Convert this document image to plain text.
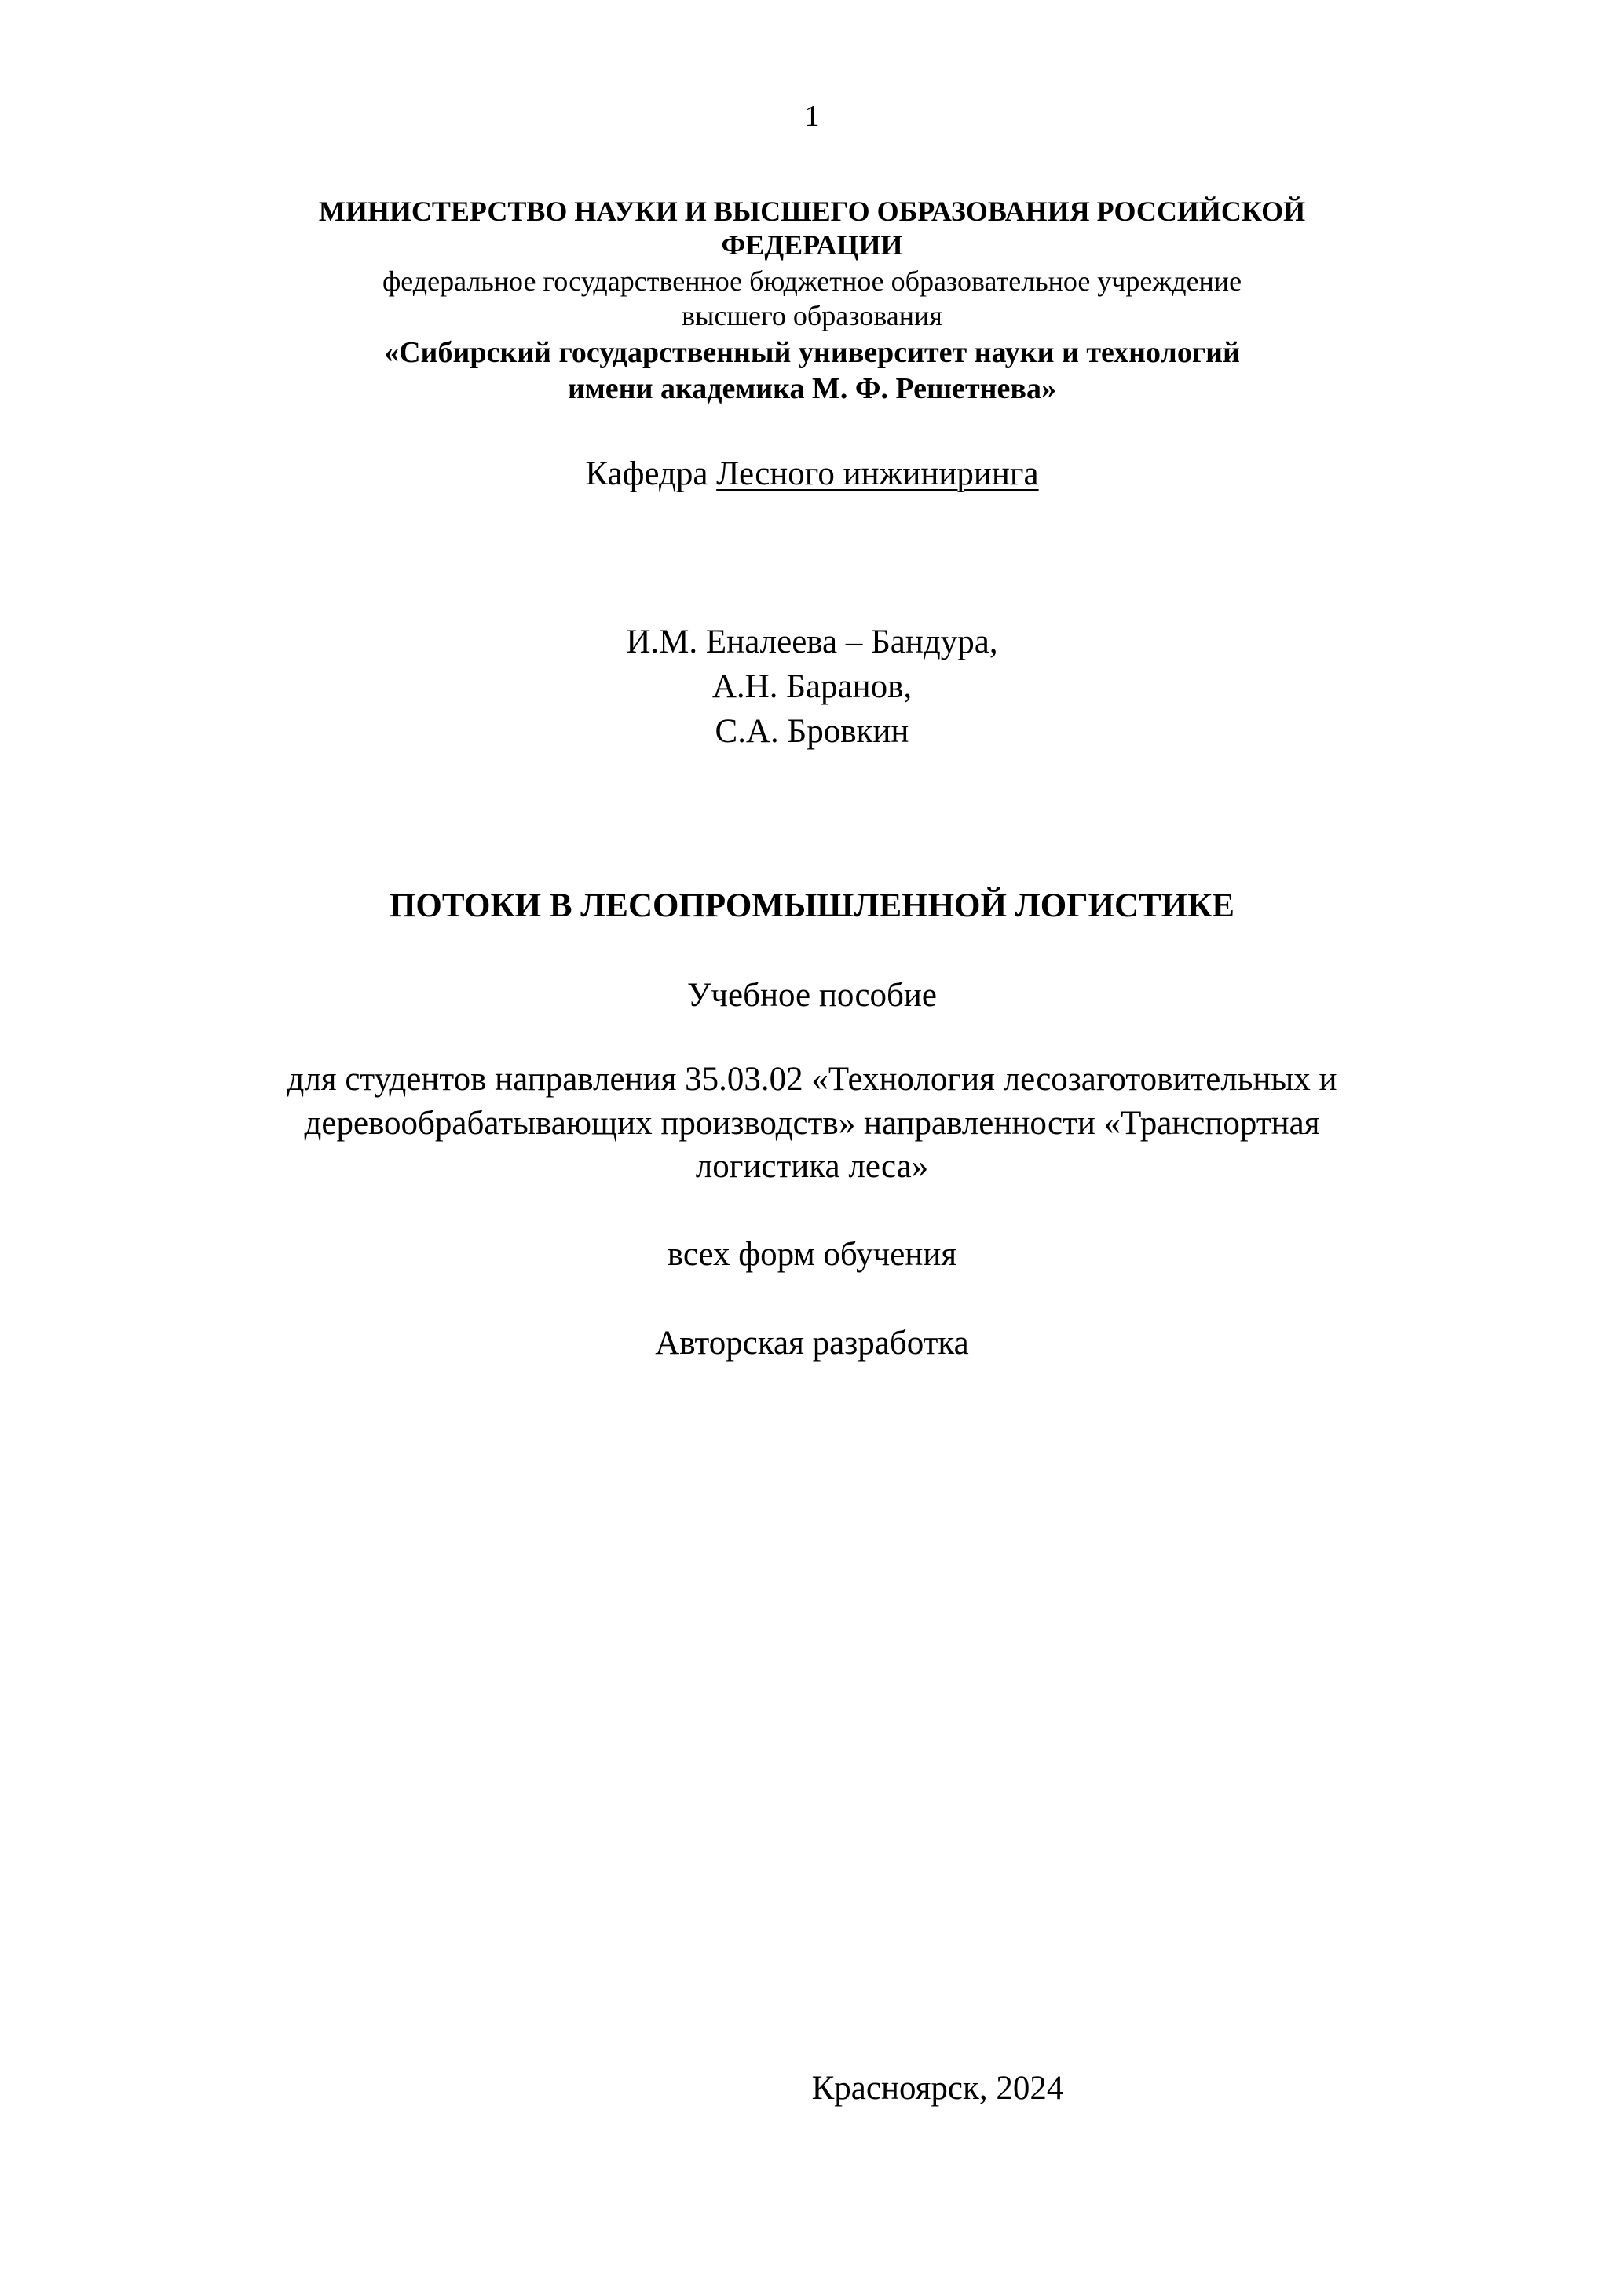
1
МИНИСТЕРСТВО НАУКИ И ВЫСШЕГО ОБРАЗОВАНИЯ РОССИЙСКОЙ
ФЕДЕРАЦИИ
федеральное государственное бюджетное образовательное учреждение
высшего образования
«Сибирский государственный университет науки и технологий
имени академика М. Ф. Решетнева»
Кафедра Лесного инжиниринга
И.М. Еналеева – Бандура,
А.Н. Баранов,
С.А. Бровкин
ПОТОКИ В ЛЕСОПРОМЫШЛЕННОЙ ЛОГИСТИКЕ
Учебное пособие
для студентов направления 35.03.02 «Технология лесозаготовительных и
деревообрабатывающих производств» направленности «Транспортная
логистика леса»
всех форм обучения
Авторская разработка
Красноярск, 2024
